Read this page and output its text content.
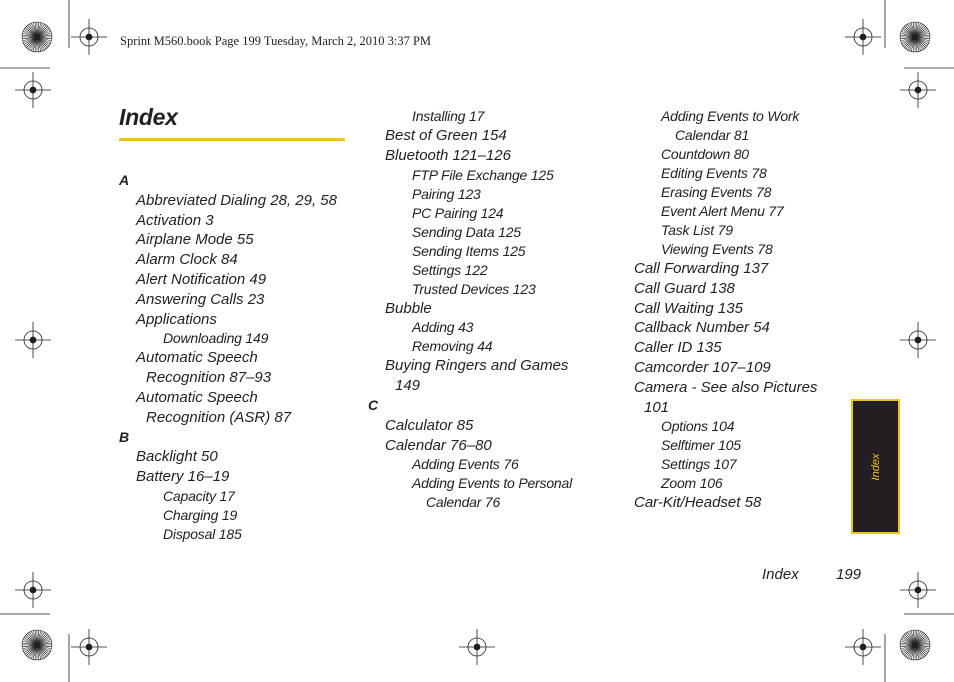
Sprint M560.book Page 199 Tuesday, March 2, 2010 3:37 PM
Index
A
Abbreviated Dialing 28, 29, 58
Activation 3
Airplane Mode 55
Alarm Clock 84
Alert Notification 49
Answering Calls 23
Applications
Downloading 149
Automatic Speech
Recognition 87–93
Automatic Speech
Recognition (ASR) 87
B
Backlight 50
Battery 16–19
Capacity 17
Charging 19
Disposal 185
Installing 17
Best of Green 154
Bluetooth 121–126
FTP File Exchange 125
Pairing 123
PC Pairing 124
Sending Data 125
Sending Items 125
Settings 122
Trusted Devices 123
Bubble
Adding 43
Removing 44
Buying Ringers and Games
149
C
Calculator 85
Calendar 76–80
Adding Events 76
Adding Events to Personal
Calendar 76
Adding Events to Work
Calendar 81
Countdown 80
Editing Events 78
Erasing Events 78
Event Alert Menu 77
Task List 79
Viewing Events 78
Call Forwarding 137
Call Guard 138
Call Waiting 135
Callback Number 54
Caller ID 135
Camcorder 107–109
Camera - See also Pictures
101
Options 104
Selftimer 105
Settings 107
Zoom 106
Car-Kit/Headset 58
Index
Index 199
